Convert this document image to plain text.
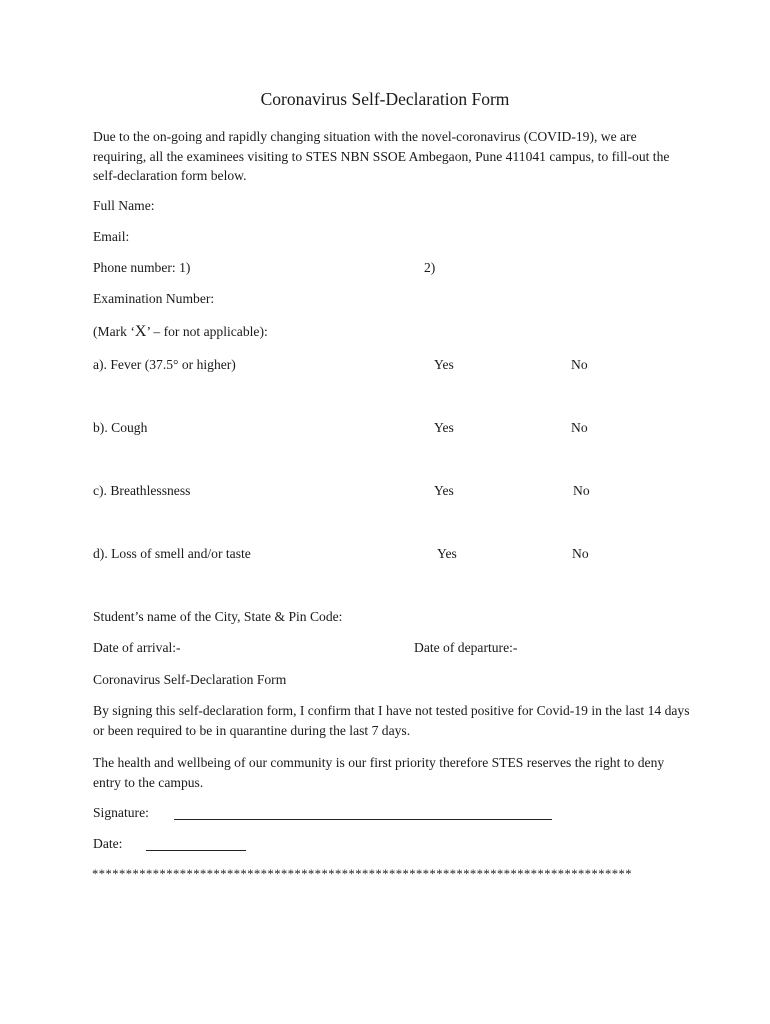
Coronavirus Self-Declaration Form
Due to the on-going and rapidly changing situation with the novel-coronavirus (COVID-19), we are requiring, all the examinees visiting to STES NBN SSOE Ambegaon, Pune 411041 campus, to fill-out the self-declaration form below.
Full Name:
Email:
Phone number: 1)	2)
Examination Number:
(Mark ‘X’ – for not applicable):
a). Fever (37.5° or higher)	Yes	No
b). Cough	Yes	No
c). Breathlessness	Yes	No
d). Loss of smell and/or taste	Yes	No
Student’s name of the City, State & Pin Code:
Date of arrival:-	Date of departure:-
Coronavirus Self-Declaration Form
By signing this self-declaration form, I confirm that I have not tested positive for Covid-19 in the last 14 days or been required to be in quarantine during the last 7 days.
The health and wellbeing of our community is our first priority therefore STES reserves the right to deny entry to the campus.
Signature:
Date:
********************************************************************************
